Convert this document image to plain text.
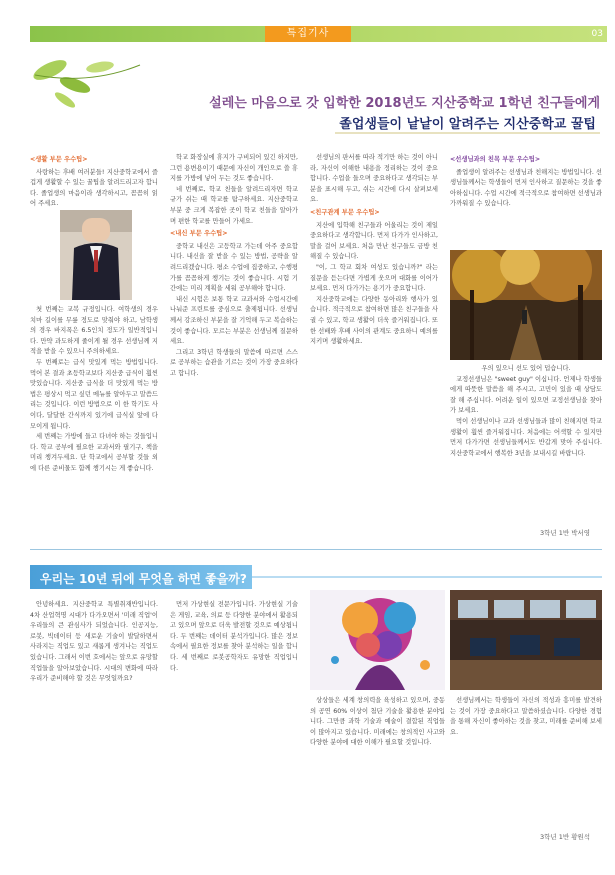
특집기사	03
설레는 마음으로 갓 입학한 2018년도 지산중학교 1학년 친구들에게
졸업생들이 낱낱이 알려주는 지산중학교 꿀팁
<생활 부문 우수팁>

사랑하는 후배 여러분들! 지산중학교에서 즐겁게 생활할 수 있는 꿀팁을 알려드리고자 합니다. 졸업생의 마음이라 생각하시고, 꼼꼼히 읽어 주세요.

첫 번째는 교복 규정입니다. 여학생의 경우 치마 길이를 무릎 정도로 맞춰야 하고, 남학생의 경우 바지폭은 6.5인치 정도가 일반적입니다. 만약 과도하게 줄이게 될 경우 선생님께 지적을 받을 수 있으니 주의하세요.

두 번째로는 급식 맛있게 먹는 방법입니다. 먹어 본 결과 초등학교보다 지산중 급식이 훨씬 맛있습니다. 지산중 급식을 더 맛있게 먹는 방법은 평상시 먹고 싶던 메뉴를 알아두고 말씀드리는 것입니다. 이런 방법으로 이 한 학기도 사이다, 달달한 간식까지 있기에 급식실 앞에 다 모이게 됩니다.

세 번째는 가방에 들고 다녀야 하는 것들입니다. 학교 공부에 필요한 교과서와 필기구, 책을 미리 챙겨두세요. 단 학교에서 공부할 것들 외에 다른 준비물도 함께 챙기시는 게 좋습니다.

학교 화장실에 휴지가 구비되어 있긴 하지만, 그런 용변용이기 때문에 자신이 개인으로 쓸 휴지를 가방에 넣어 두는 것도 좋습니다.

네 번째로, 학교 친들을 알려드리자면 학교 규가 쉬는 때 학교를 탐구하세요. 지산중학교 부분 중 크게 복잡한 곳이 학교 친들을 알아가며 편한 학교를 만들어 가세요.

<내신 부문 우수팁>

중학교 내신은 고등학교 가는데 아주 중요합니다. 내신을 잘 받을 수 있는 방법, 공략을 알려드리겠습니다. 평소 수업에 집중하고, 수행평가를 꼼꼼하게 챙기는 것이 좋습니다. 시험 기간에는 미리 계획을 세워 공부해야 합니다.

내신 시험은 보통 학교 교과서와 수업시간에 나눠준 프린트를 중심으로 출제됩니다. 선생님께서 강조하신 부분을 잘 기억해 두고 복습하는 것이 좋습니다. 모르는 부분은 선생님께 질문하세요.

그리고 3학년 학생들의 말씀에 따르면 스스로 공부하는 습관을 기르는 것이 가장 중요하다고 합니다.

선생님의 판서를 따라 적기만 하는 것이 아니라, 자신이 이해한 내용을 정리하는 것이 중요합니다. 수업을 들으며 중요하다고 생각되는 부분을 표시해 두고, 쉬는 시간에 다시 살펴보세요.

<친구관계 부문 우수팁>

지산에 입학해 친구들과 어울리는 것이 제일 중요하다고 생각합니다. 먼저 다가가 인사하고, 말을 걸어 보세요. 처음 만난 친구들도 금방 친해질 수 있습니다.

"이, 그 학교 회차 여성도 있습니까?" 라는 질문을 듣는다면 가볍게 웃으며 대화를 이어가 보세요. 먼저 다가가는 용기가 중요합니다.

지산중학교에는 다양한 동아리와 행사가 있습니다. 적극적으로 참여하면 많은 친구들을 사귈 수 있고, 학교 생활이 더욱 즐거워집니다. 또한 선배와 후배 사이의 관계도 중요하니 예의를 지키며 생활하세요.

<선생님과의 친목 부문 우수팁>

졸업생이 알려주는 선생님과 친해지는 방법입니다. 선생님들께서는 학생들이 먼저 인사하고 질문하는 것을 좋아하십니다. 수업 시간에 적극적으로 참여하면 선생님과 가까워질 수 있습니다.

우의 있으니 선도 있어 덥습니다.

교정선생님은 "sweet guy" 이십니다. 언제나 학생들에게 따뜻한 말씀을 해 주시고, 고민이 있을 때 상담도 잘 해 주십니다. 어려운 일이 있으면 교정선생님을 찾아가 보세요.

먹이 선생님이나 교과 선생님들과 많이 친해지면 학교 생활이 훨씬 즐거워집니다. 처음에는 어색할 수 있지만 먼저 다가가면 선생님들께서도 반갑게 맞아 주십니다. 지산중학교에서 행복한 3년을 보내시길 바랍니다.

3학년 1반 박서영
우리는 10년 뒤에 무엇을 하면 좋을까?

안녕하세요. 지산중학교 특별취재반입니다. 4차 산업혁명 시대가 다가오면서 '미래 직업'이 우리들의 큰 관심사가 되었습니다. 인공지능, 로봇, 빅데이터 등 새로운 기술이 발달하면서 사라지는 직업도 있고 새롭게 생겨나는 직업도 있습니다. 그래서 이번 호에서는 앞으로 유망할 직업들을 알아보았습니다. 시대의 변화에 따라 우리가 준비해야 할 것은 무엇일까요?

먼저 가상현실 전문가입니다. 가상현실 기술은 게임, 교육, 의료 등 다양한 분야에서 활용되고 있으며 앞으로 더욱 발전할 것으로 예상됩니다. 두 번째는 데이터 분석가입니다. 많은 정보 속에서 필요한 정보를 찾아 분석하는 일을 합니다. 세 번째로 로봇공학자도 유망한 직업입니다.

상상들은 세계 창의력을 육성하고 있으며, 중동의 공연 60% 이상이 첨단 기술을 활용한 분야입니다. 그만큼 과학 기술과 예술이 결합된 직업들이 많아지고 있습니다. 미래에는 창의적인 사고와 다양한 분야에 대한 이해가 필요할 것입니다.

선생님께서는 학생들이 자신의 적성과 흥미를 발견하는 것이 가장 중요하다고 말씀하셨습니다. 다양한 경험을 통해 자신이 좋아하는 것을 찾고, 미래를 준비해 보세요.

3학년 1반 황원석
